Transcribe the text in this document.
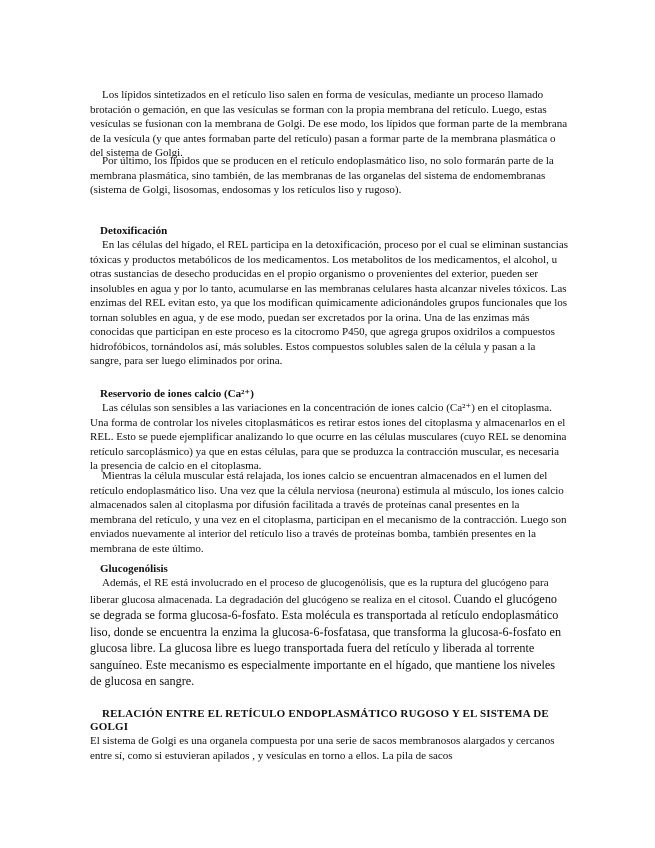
Los lípidos sintetizados en el retículo liso salen en forma de vesículas, mediante un proceso llamado brotación o gemación, en que las vesículas se forman con la propia membrana del retículo. Luego, estas vesículas se fusionan con la membrana de Golgi. De ese modo, los lípidos que forman parte de la membrana de la vesícula (y que antes formaban parte del retículo) pasan a formar parte de la membrana plasmática o del sistema de Golgi.

Por último, los lípidos que se producen en el retículo endoplasmático liso, no solo formarán parte de la membrana plasmática, sino también, de las membranas de las organelas del sistema de endomembranas (sistema de Golgi, lisosomas, endosomas y los retículos liso y rugoso).

Detoxificación

En las células del hígado, el REL participa en la detoxificación, proceso por el cual se eliminan sustancias tóxicas y productos metabólicos de los medicamentos. Los metabolitos de los medicamentos, el alcohol, u otras sustancias de desecho producidas en el propio organismo o provenientes del exterior, pueden ser insolubles en agua y por lo tanto, acumularse en las membranas celulares hasta alcanzar niveles tóxicos. Las enzimas del REL evitan esto, ya que los modifican químicamente adicionándoles grupos funcionales que los tornan solubles en agua, y de ese modo, puedan ser excretados por la orina. Una de las enzimas más conocidas que participan en este proceso es la citocromo P450, que agrega grupos oxidrilos a compuestos hidrofóbicos, tornándolos así, más solubles. Estos compuestos solubles salen de la célula y pasan a la sangre, para ser luego eliminados por orina.

Reservorio de iones calcio (Ca²⁺)

Las células son sensibles a las variaciones en la concentración de iones calcio (Ca²⁺) en el citoplasma. Una forma de controlar los niveles citoplasmáticos es retirar estos iones del citoplasma y almacenarlos en el REL. Esto se puede ejemplificar analizando lo que ocurre en las células musculares (cuyo REL se denomina retículo sarcoplásmico) ya que en estas células, para que se produzca la contracción muscular, es necesaria la presencia de calcio en el citoplasma.

Mientras la célula muscular está relajada, los iones calcio se encuentran almacenados en el lumen del retículo endoplasmático liso. Una vez que la célula nerviosa (neurona) estimula al músculo, los iones calcio almacenados salen al citoplasma por difusión facilitada a través de proteínas canal presentes en la membrana del retículo, y una vez en el citoplasma, participan en el mecanismo de la contracción. Luego son enviados nuevamente al interior del retículo liso a través de proteínas bomba, también presentes en la membrana de este último.

Glucogenólisis

Además, el RE está involucrado en el proceso de glucogenólisis, que es la ruptura del glucógeno para liberar glucosa almacenada. La degradación del glucógeno se realiza en el citosol. Cuando el glucógeno se degrada se forma glucosa-6-fosfato. Esta molécula es transportada al retículo endoplasmático liso, donde se encuentra la enzima la glucosa-6-fosfatasa, que transforma la glucosa-6-fosfato en glucosa libre. La glucosa libre es luego transportada fuera del retículo y liberada al torrente sanguíneo. Este mecanismo es especialmente importante en el hígado, que mantiene los niveles de glucosa en sangre.

RELACIÓN ENTRE EL RETÍCULO ENDOPLASMÁTICO RUGOSO Y EL SISTEMA DE GOLGI

El sistema de Golgi es una organela compuesta por una serie de sacos membranosos alargados y cercanos entre sí, como si estuvieran apilados , y vesículas en torno a ellos. La pila de sacos
